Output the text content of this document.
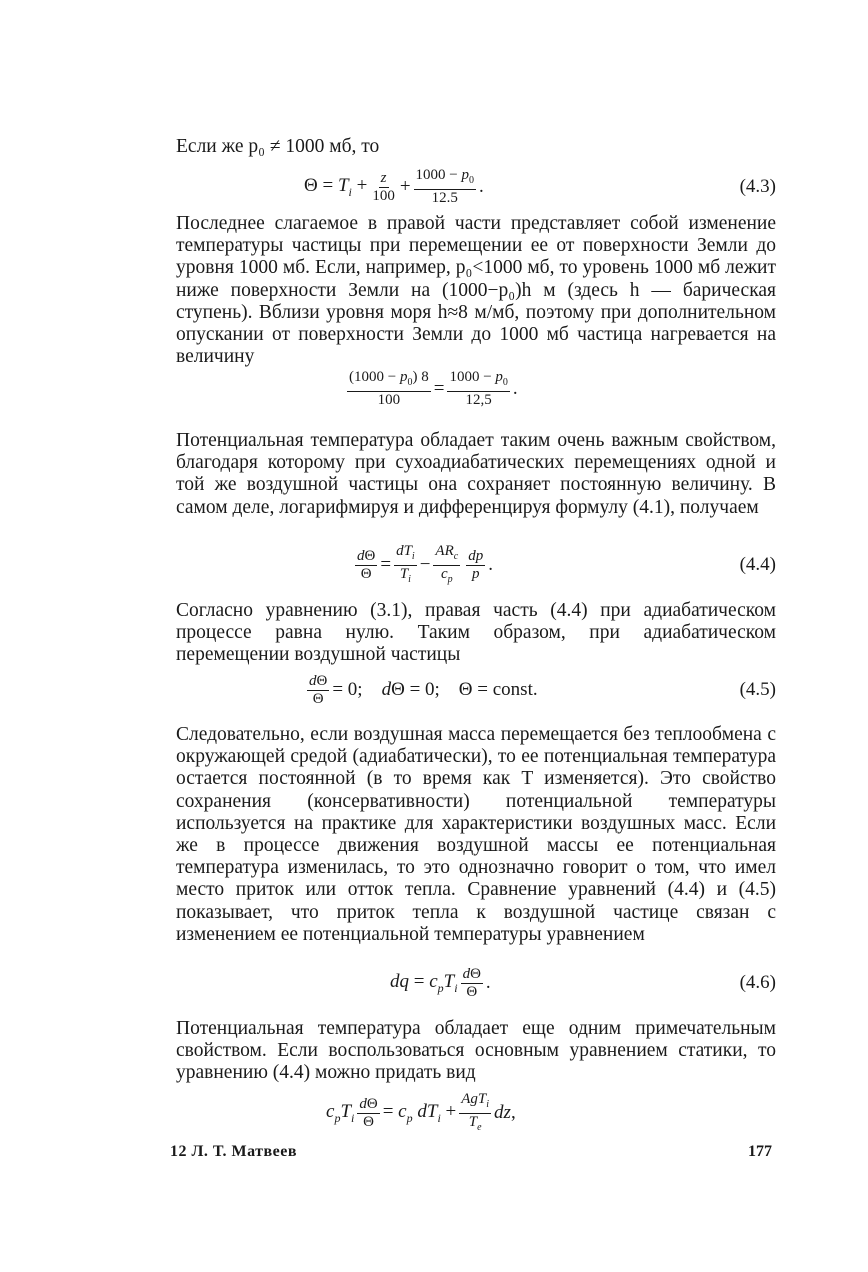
Если же p₀ ≠ 1000 мб, то
$\Theta = T_i + \frac{z}{100} + \frac{1000 - p_0}{12.5}$ .	(4.3)
Последнее слагаемое в правой части представляет собой изменение температуры частицы при перемещении ее от поверхности Земли до уровня 1000 мб. Если, например, p₀<1000 мб, то уровень 1000 мб лежит ниже поверхности Земли на (1000−p₀)h м (здесь h — барическая ступень). Вблизи уровня моря h≈8 м/мб, поэтому при дополнительном опускании от поверхности Земли до 1000 мб частица нагревается на величину
$\frac{(1000 - p_0) 8}{100} = \frac{1000 - p_0}{12,5}$ .
Потенциальная температура обладает таким очень важным свойством, благодаря которому при сухоадиабатических перемещениях одной и той же воздушной частицы она сохраняет постоянную величину. В самом деле, логарифмируя и дифференцируя формулу (4.1), получаем
$\frac{d\Theta}{\Theta} = \frac{dT_i}{T_i} - \frac{AR_c}{c_p} \frac{dp}{p}$ .	(4.4)
Согласно уравнению (3.1), правая часть (4.4) при адиабатическом процессе равна нулю. Таким образом, при адиабатическом перемещении воздушной частицы
$\frac{d\Theta}{\Theta} = 0$;    dΘ = 0;    Θ = const.	(4.5)
Следовательно, если воздушная масса перемещается без теплообмена с окружающей средой (адиабатически), то ее потенциальная температура остается постоянной (в то время как T изменяется). Это свойство сохранения (консервативности) потенциальной температуры используется на практике для характеристики воздушных масс. Если же в процессе движения воздушной массы ее потенциальная температура изменилась, то это однозначно говорит о том, что имел место приток или отток тепла. Сравнение уравнений (4.4) и (4.5) показывает, что приток тепла к воздушной частице связан с изменением ее потенциальной температуры уравнением
dq = $c_pT_i \frac{d\Theta}{\Theta}$ .	(4.6)
Потенциальная температура обладает еще одним примечательным свойством. Если воспользоваться основным уравнением статики, то уравнению (4.4) можно придать вид
$c_pT_i \frac{d\Theta}{\Theta} = c_p$ $dT_i + \frac{AgT_i}{T_e}$ dz,
12 Л. Т. Матвеев	177
